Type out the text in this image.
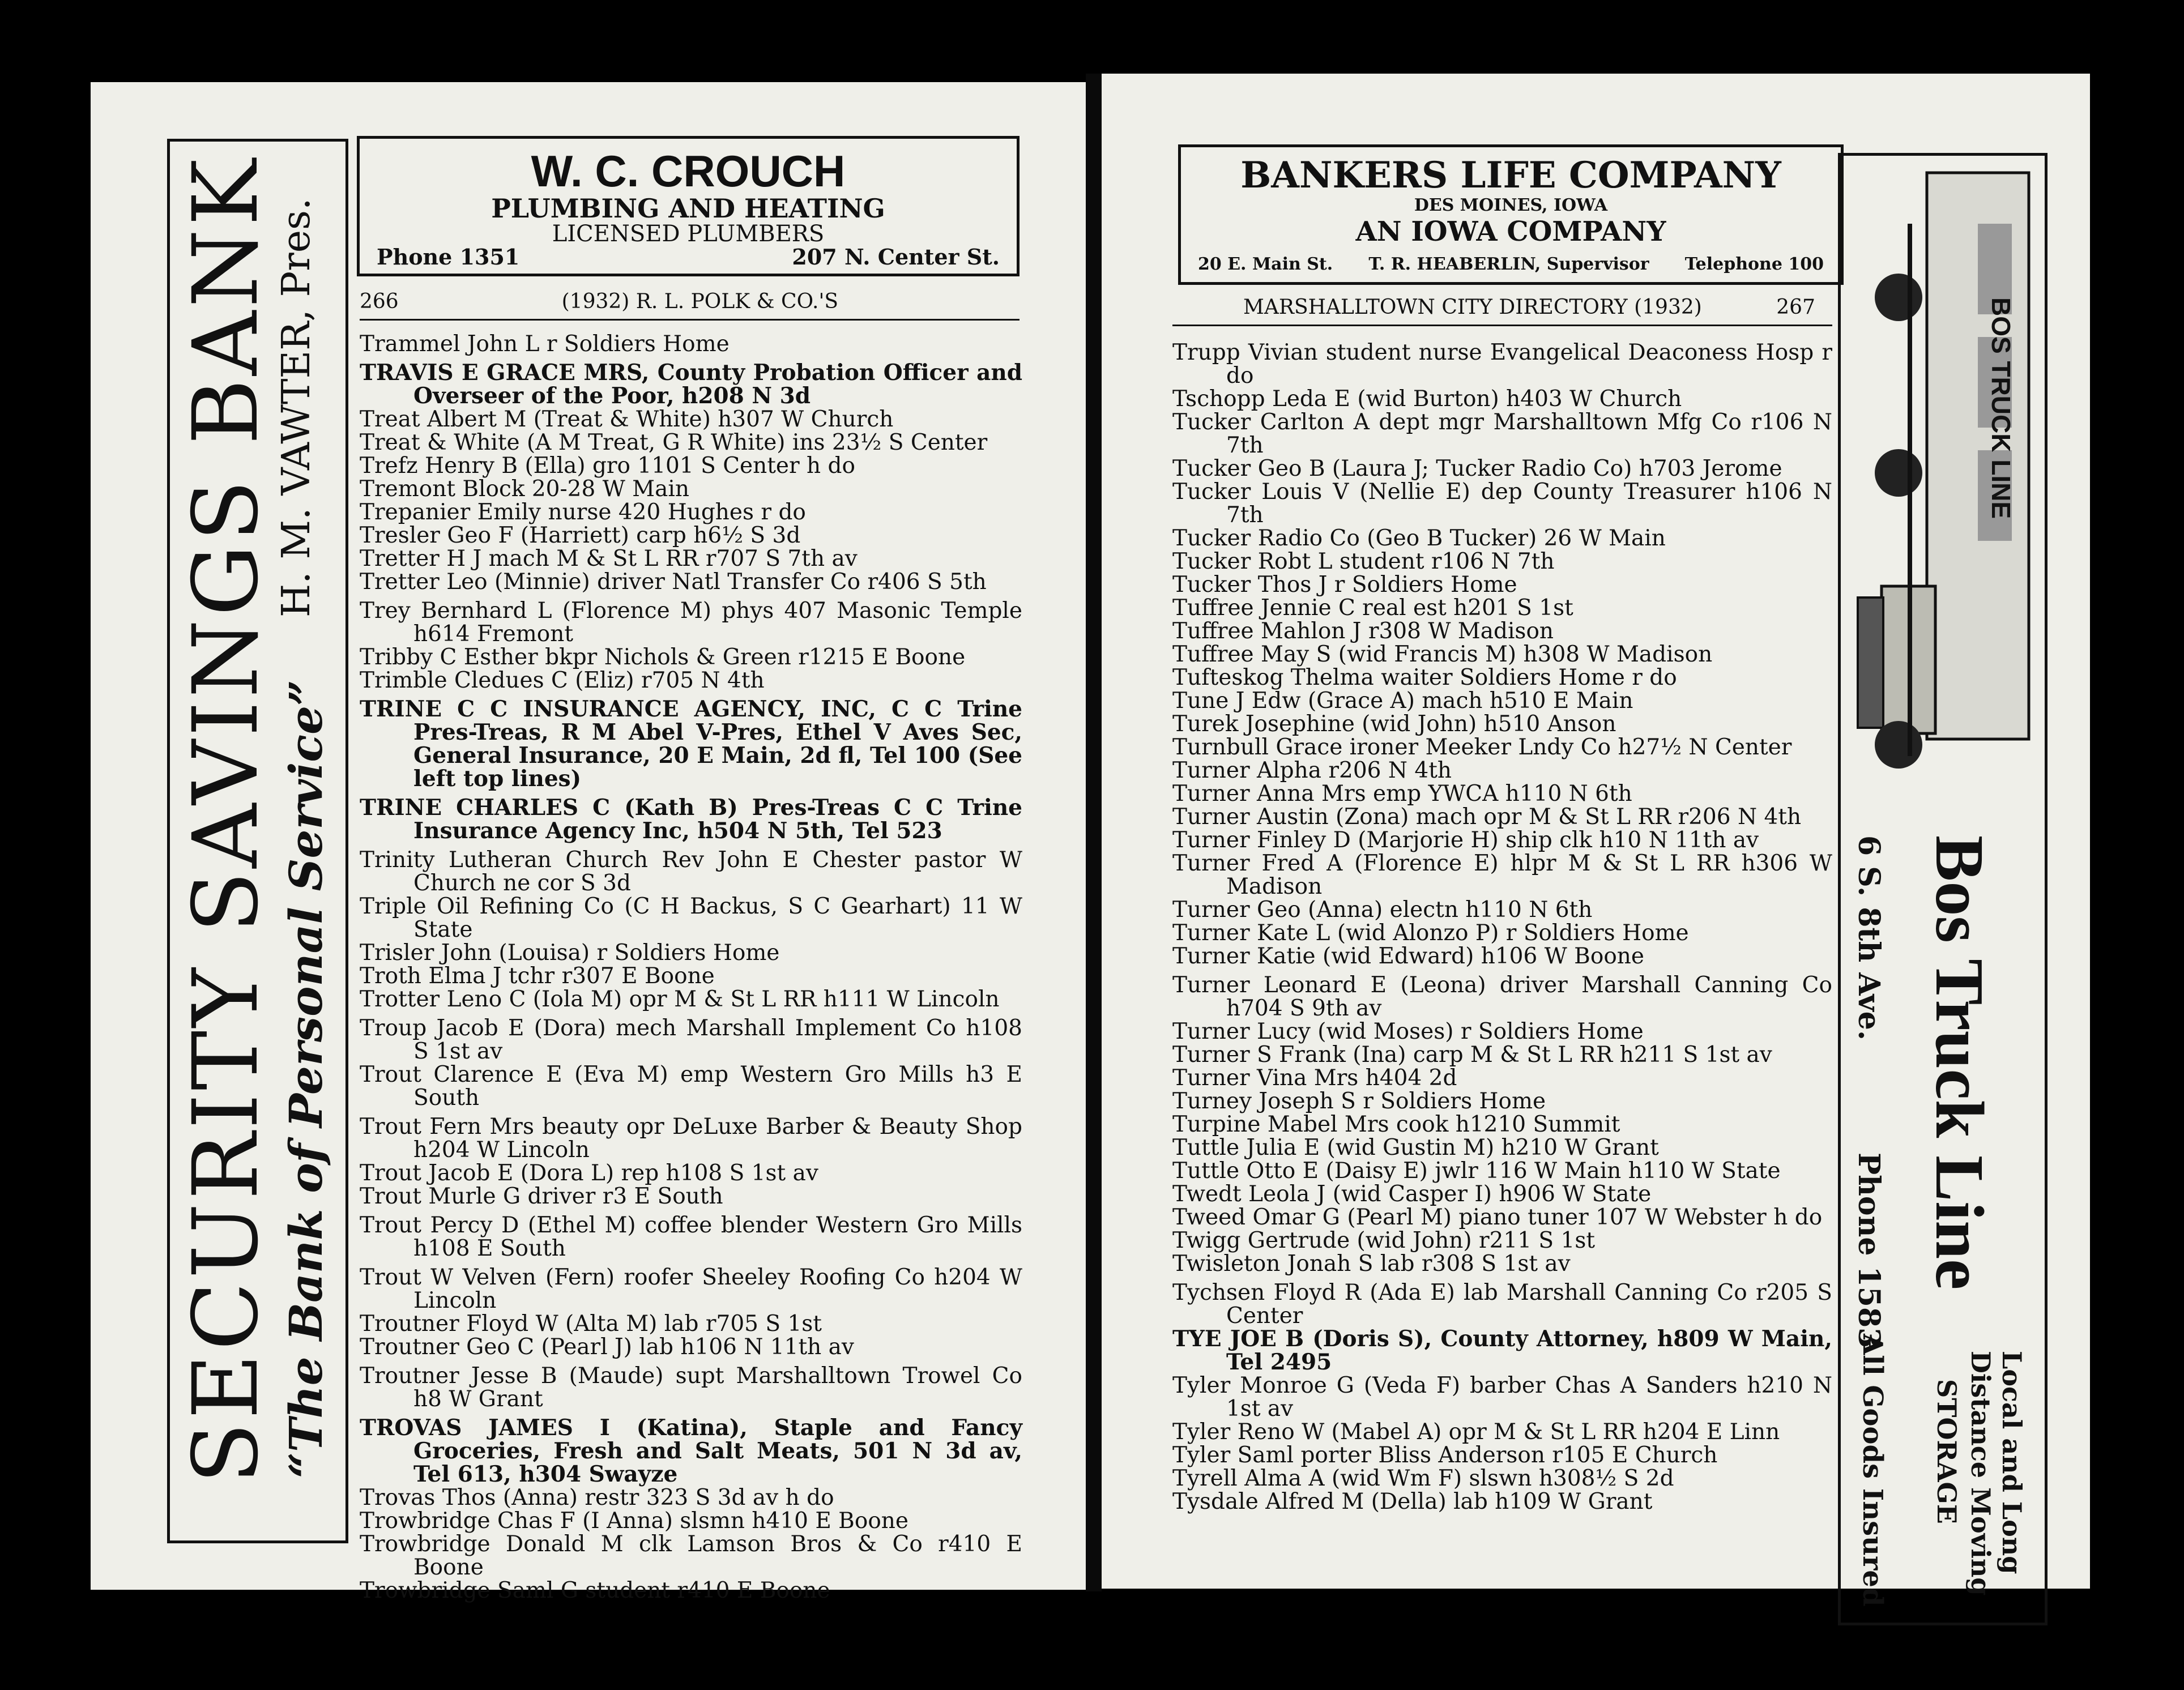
SECURITY SAVINGS BANK “The Bank of Personal Service”
H. M. VAWTER, Pres.
W. C. CROUCH
PLUMBING AND HEATING
LICENSED PLUMBERS
Phone 1351	207 N. Center St.
266	(1932) R. L. POLK & CO.'S
Trammel John L r Soldiers Home
TRAVIS E GRACE MRS, County Probation Officer and Overseer of the Poor, h208 N 3d
Treat Albert M (Treat & White) h307 W Church
Treat & White (A M Treat, G R White) ins 23½ S Center
Trefz Henry B (Ella) gro 1101 S Center h do
Tremont Block 20-28 W Main
Trepanier Emily nurse 420 Hughes r do
Tresler Geo F (Harriett) carp h6½ S 3d
Tretter H J mach M & St L RR r707 S 7th av
Tretter Leo (Minnie) driver Natl Transfer Co r406 S 5th
Trey Bernhard L (Florence M) phys 407 Masonic Temple h614 Fremont
Tribby C Esther bkpr Nichols & Green r1215 E Boone
Trimble Cledues C (Eliz) r705 N 4th
TRINE C C INSURANCE AGENCY, INC, C C Trine Pres-Treas, R M Abel V-Pres, Ethel V Aves Sec, General Insurance, 20 E Main, 2d fl, Tel 100 (See left top lines)
TRINE CHARLES C (Kath B) Pres-Treas C C Trine Insurance Agency Inc, h504 N 5th, Tel 523
Trinity Lutheran Church Rev John E Chester pastor W Church ne cor S 3d
Triple Oil Refining Co (C H Backus, S C Gearhart) 11 W State
Trisler John (Louisa) r Soldiers Home
Troth Elma J tchr r307 E Boone
Trotter Leno C (Iola M) opr M & St L RR h111 W Lincoln
Troup Jacob E (Dora) mech Marshall Implement Co h108 S 1st av
Trout Clarence E (Eva M) emp Western Gro Mills h3 E South
Trout Fern Mrs beauty opr DeLuxe Barber & Beauty Shop h204 W Lincoln
Trout Jacob E (Dora L) rep h108 S 1st av
Trout Murle G driver r3 E South
Trout Percy D (Ethel M) coffee blender Western Gro Mills h108 E South
Trout W Velven (Fern) roofer Sheeley Roofing Co h204 W Lincoln
Troutner Floyd W (Alta M) lab r705 S 1st
Troutner Geo C (Pearl J) lab h106 N 11th av
Troutner Jesse B (Maude) supt Marshalltown Trowel Co h8 W Grant
TROVAS JAMES I (Katina), Staple and Fancy Groceries, Fresh and Salt Meats, 501 N 3d av, Tel 613, h304 Swayze
Trovas Thos (Anna) restr 323 S 3d av h do
Trowbridge Chas F (I Anna) slsmn h410 E Boone
Trowbridge Donald M clk Lamson Bros & Co r410 E Boone
Trowbridge Saml G student r410 E Boone
BANKERS LIFE COMPANY
DES MOINES, IOWA
AN IOWA COMPANY
20 E. Main St. T. R. HEABERLIN, Supervisor Telephone 100
MARSHALLTOWN CITY DIRECTORY (1932)	267
Trupp Vivian student nurse Evangelical Deaconess Hosp r do
Tschopp Leda E (wid Burton) h403 W Church
Tucker Carlton A dept mgr Marshalltown Mfg Co r106 N 7th
Tucker Geo B (Laura J; Tucker Radio Co) h703 Jerome
Tucker Louis V (Nellie E) dep County Treasurer h106 N 7th
Tucker Radio Co (Geo B Tucker) 26 W Main
Tucker Robt L student r106 N 7th
Tucker Thos J r Soldiers Home
Tuffree Jennie C real est h201 S 1st
Tuffree Mahlon J r308 W Madison
Tuffree May S (wid Francis M) h308 W Madison
Tufteskog Thelma waiter Soldiers Home r do
Tune J Edw (Grace A) mach h510 E Main
Turek Josephine (wid John) h510 Anson
Turnbull Grace ironer Meeker Lndy Co h27½ N Center
Turner Alpha r206 N 4th
Turner Anna Mrs emp YWCA h110 N 6th
Turner Austin (Zona) mach opr M & St L RR r206 N 4th
Turner Finley D (Marjorie H) ship clk h10 N 11th av
Turner Fred A (Florence E) hlpr M & St L RR h306 W Madison
Turner Geo (Anna) electn h110 N 6th
Turner Kate L (wid Alonzo P) r Soldiers Home
Turner Katie (wid Edward) h106 W Boone
Turner Leonard E (Leona) driver Marshall Canning Co h704 S 9th av
Turner Lucy (wid Moses) r Soldiers Home
Turner S Frank (Ina) carp M & St L RR h211 S 1st av
Turner Vina Mrs h404 2d
Turney Joseph S r Soldiers Home
Turpine Mabel Mrs cook h1210 Summit
Tuttle Julia E (wid Gustin M) h210 W Grant
Tuttle Otto E (Daisy E) jwlr 116 W Main h110 W State
Twedt Leola J (wid Casper I) h906 W State
Tweed Omar G (Pearl M) piano tuner 107 W Webster h do
Twigg Gertrude (wid John) r211 S 1st
Twisleton Jonah S lab r308 S 1st av
Tychsen Floyd R (Ada E) lab Marshall Canning Co r205 S Center
TYE JOE B (Doris S), County Attorney, h809 W Main, Tel 2495
Tyler Monroe G (Veda F) barber Chas A Sanders h210 N 1st av
Tyler Reno W (Mabel A) opr M & St L RR h204 E Linn
Tyler Saml porter Bliss Anderson r105 E Church
Tyrell Alma A (wid Wm F) slswn h308½ S 2d
Tysdale Alfred M (Della) lab h109 W Grant
BOS TRUCK LINE
Bos Truck Line
6 S. 8th Ave.
Phone 1583
Local and Long
Distance Moving
STORAGE
All Goods Insured
